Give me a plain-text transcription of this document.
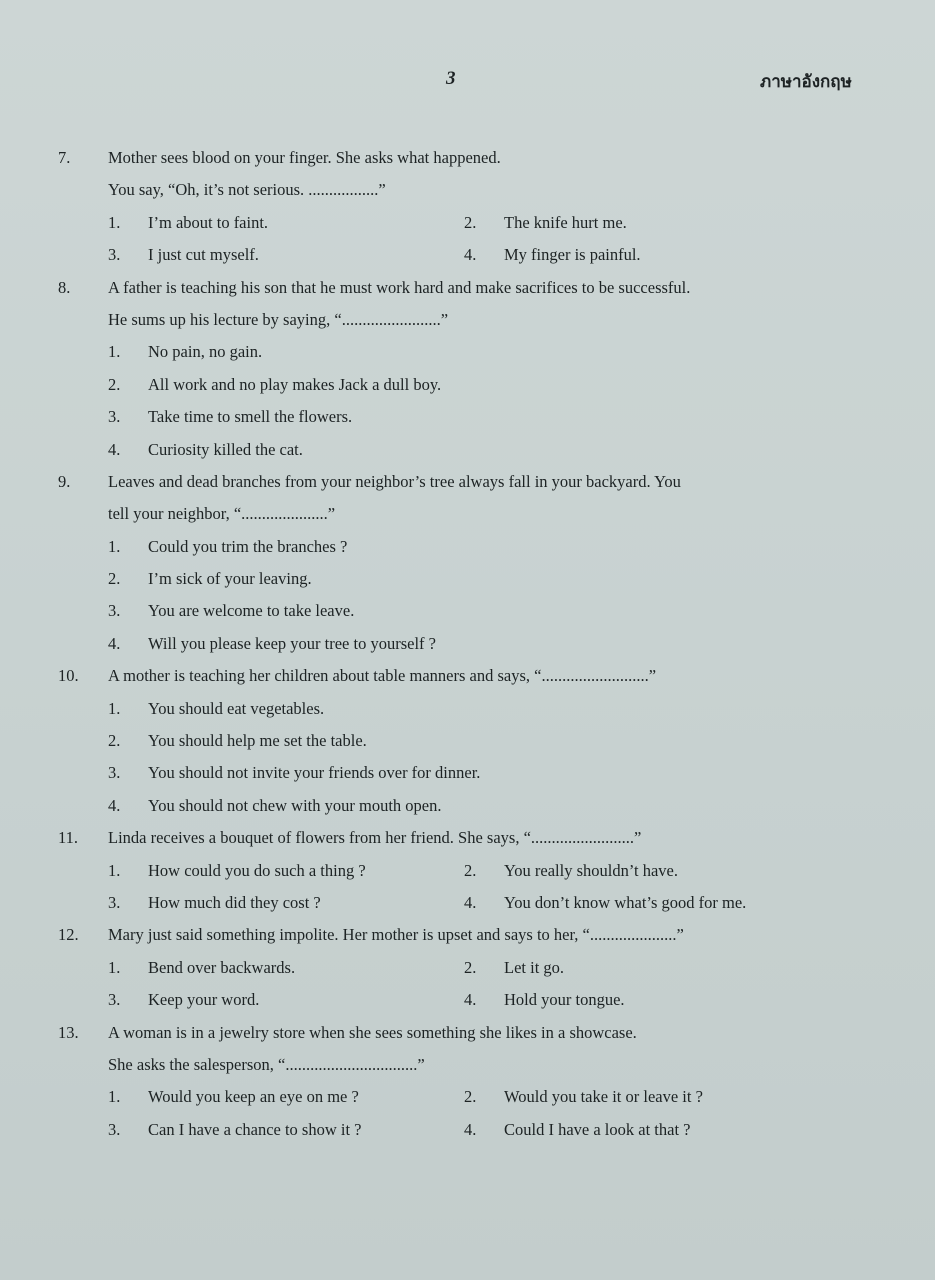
3	ภาษาอังกฤษ
7. Mother sees blood on your finger. She asks what happened.
You say, “Oh, it’s not serious. .................”
1. I’m about to faint.	2. The knife hurt me.
3. I just cut myself.	4. My finger is painful.
8. A father is teaching his son that he must work hard and make sacrifices to be successful.
He sums up his lecture by saying, “........................”
1. No pain, no gain.
2. All work and no play makes Jack a dull boy.
3. Take time to smell the flowers.
4. Curiosity killed the cat.
9. Leaves and dead branches from your neighbor’s tree always fall in your backyard. You
tell your neighbor, “.....................”
1. Could you trim the branches ?
2. I’m sick of your leaving.
3. You are welcome to take leave.
4. Will you please keep your tree to yourself ?
10. A mother is teaching her children about table manners and says, “..........................”
1. You should eat vegetables.
2. You should help me set the table.
3. You should not invite your friends over for dinner.
4. You should not chew with your mouth open.
11. Linda receives a bouquet of flowers from her friend. She says, “.........................”
1. How could you do such a thing ?	2. You really shouldn’t have.
3. How much did they cost ?	4. You don’t know what’s good for me.
12. Mary just said something impolite. Her mother is upset and says to her, “.....................”
1. Bend over backwards.	2. Let it go.
3. Keep your word.	4. Hold your tongue.
13. A woman is in a jewelry store when she sees something she likes in a showcase.
She asks the salesperson, “................................”
1. Would you keep an eye on me ?	2. Would you take it or leave it ?
3. Can I have a chance to show it ?	4. Could I have a look at that ?
